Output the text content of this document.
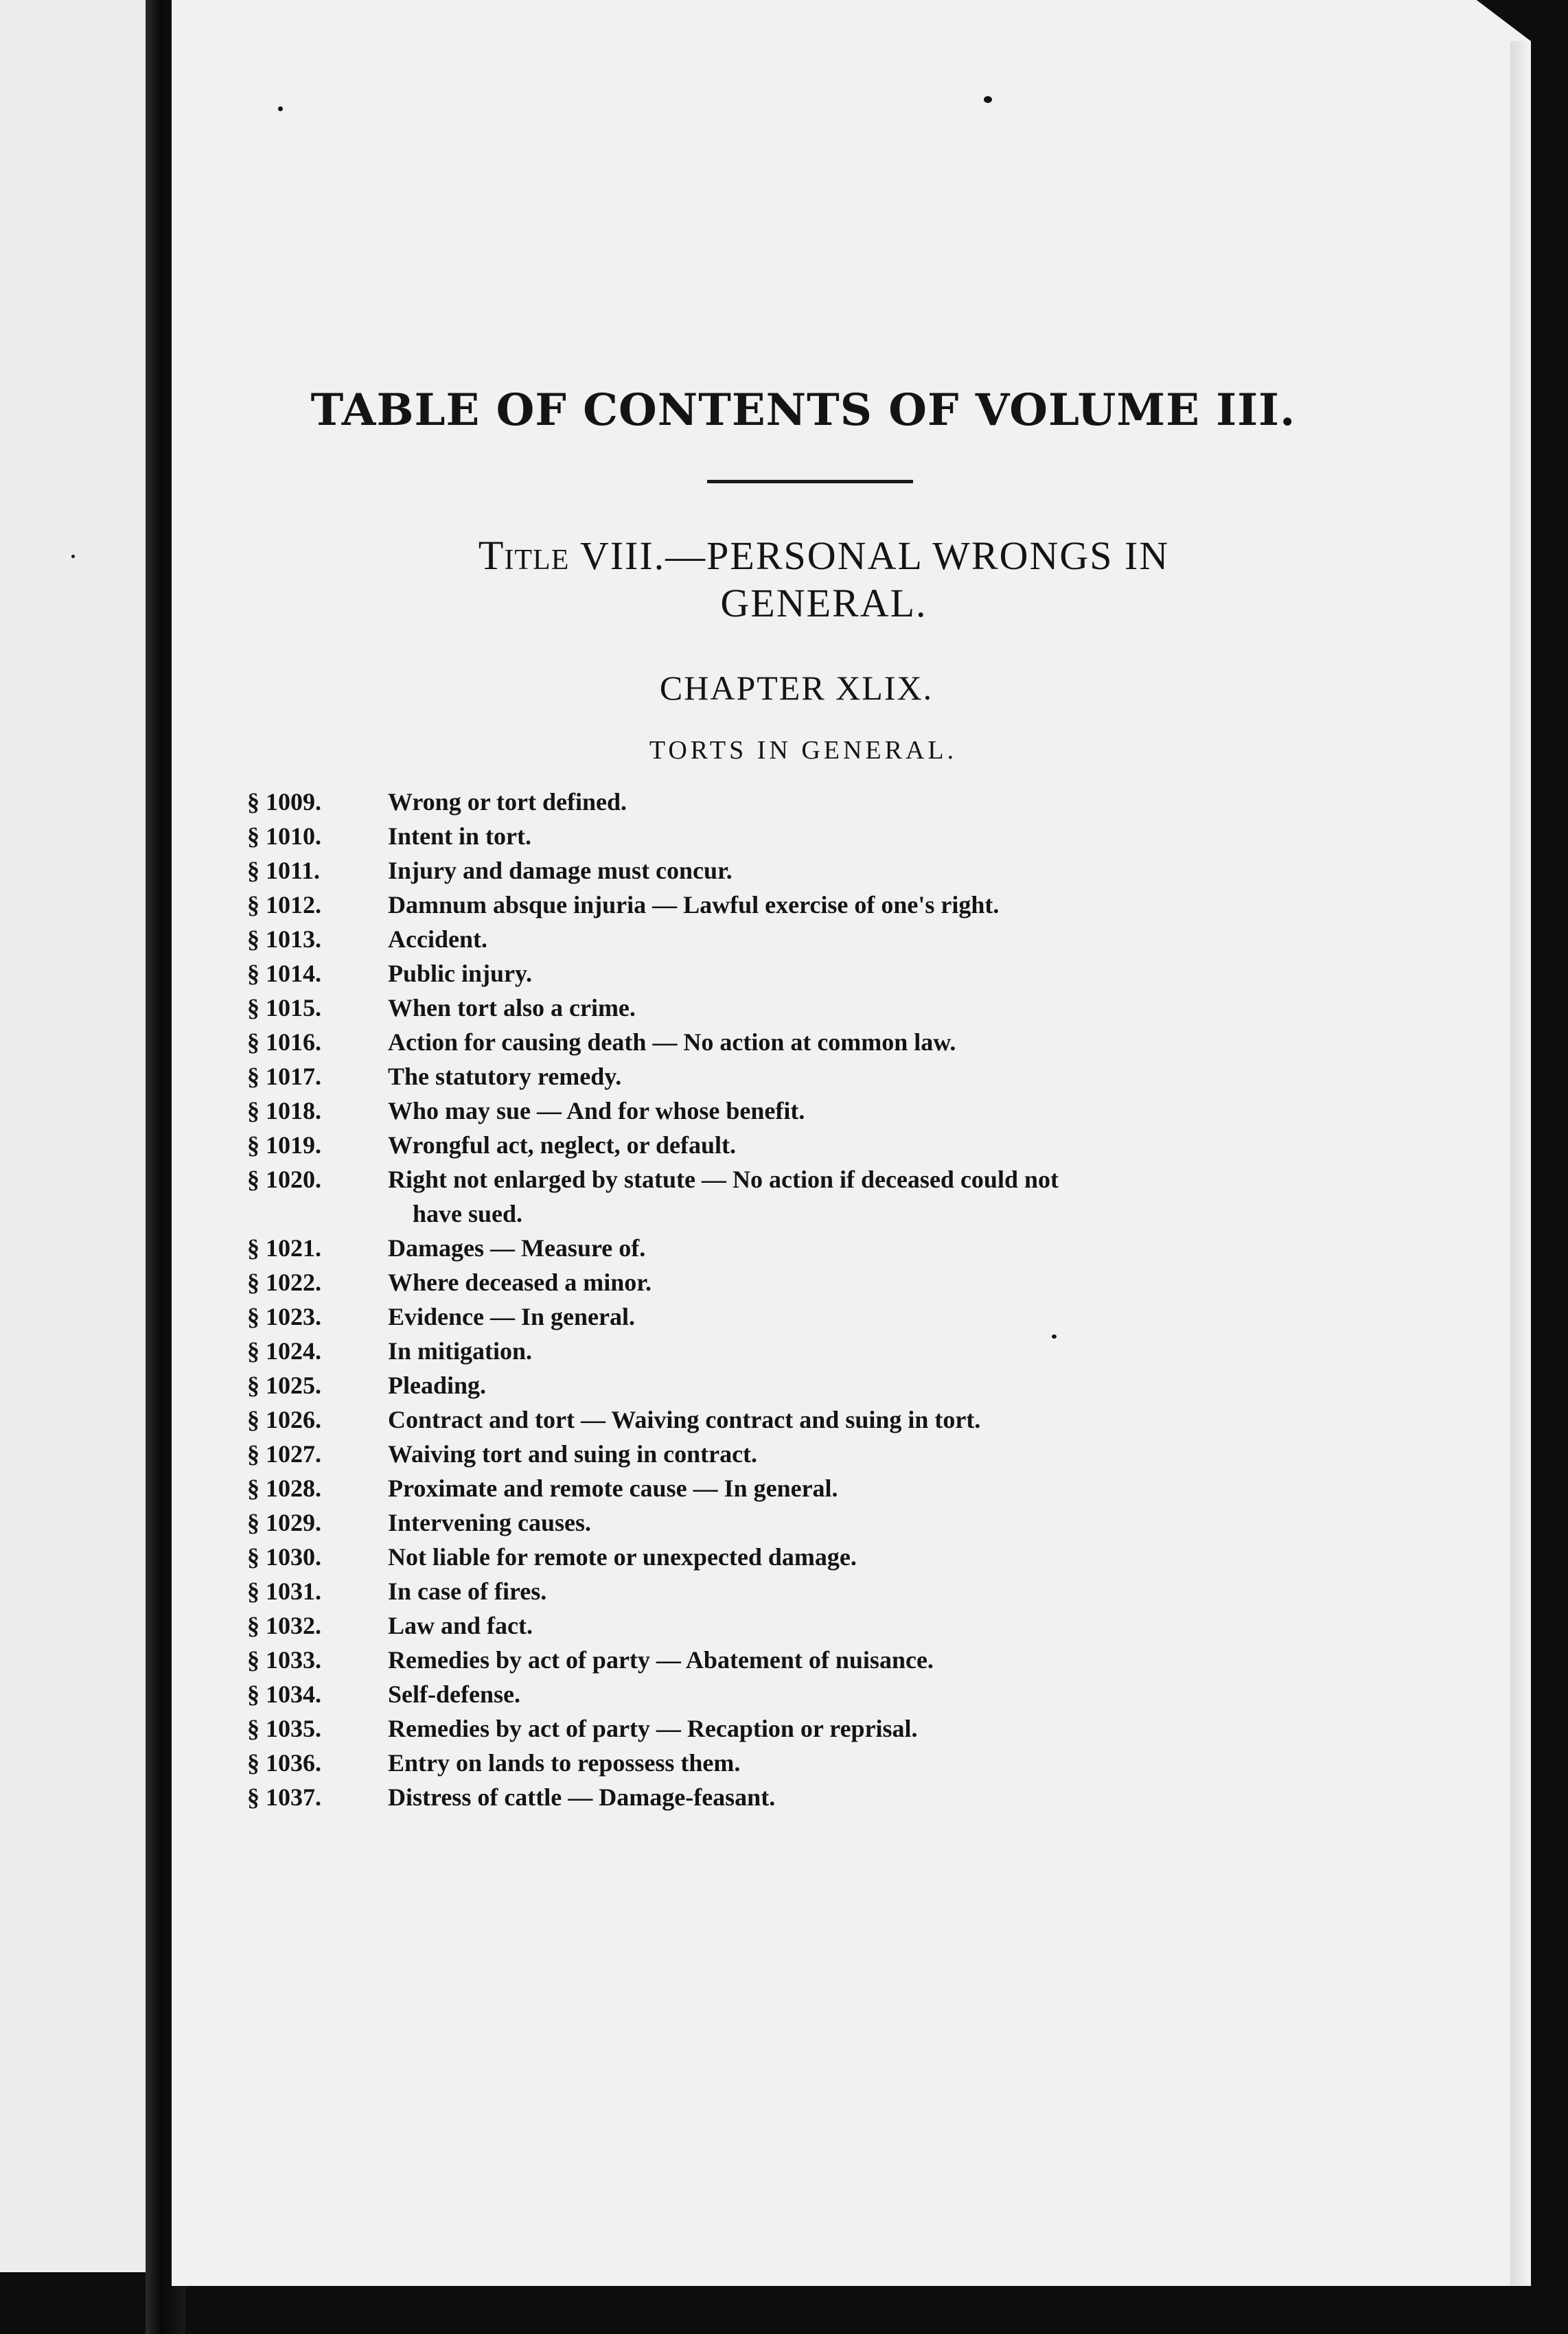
TABLE OF CONTENTS OF VOLUME III.
Title VIII.—PERSONAL WRONGS IN
GENERAL.
CHAPTER XLIX.
TORTS IN GENERAL.
§ 1009.	Wrong or tort defined.
§ 1010.	Intent in tort.
§ 1011.	Injury and damage must concur.
§ 1012.	Damnum absque injuria — Lawful exercise of one's right.
§ 1013.	Accident.
§ 1014.	Public injury.
§ 1015.	When tort also a crime.
§ 1016.	Action for causing death — No action at common law.
§ 1017.	The statutory remedy.
§ 1018.	Who may sue — And for whose benefit.
§ 1019.	Wrongful act, neglect, or default.
§ 1020.	Right not enlarged by statute — No action if deceased could not
have sued.
§ 1021.	Damages — Measure of.
§ 1022.	Where deceased a minor.
§ 1023.	Evidence — In general.
§ 1024.	In mitigation.
§ 1025.	Pleading.
§ 1026.	Contract and tort — Waiving contract and suing in tort.
§ 1027.	Waiving tort and suing in contract.
§ 1028.	Proximate and remote cause — In general.
§ 1029.	Intervening causes.
§ 1030.	Not liable for remote or unexpected damage.
§ 1031.	In case of fires.
§ 1032.	Law and fact.
§ 1033.	Remedies by act of party — Abatement of nuisance.
§ 1034.	Self-defense.
§ 1035.	Remedies by act of party — Recaption or reprisal.
§ 1036.	Entry on lands to repossess them.
§ 1037.	Distress of cattle — Damage-feasant.
